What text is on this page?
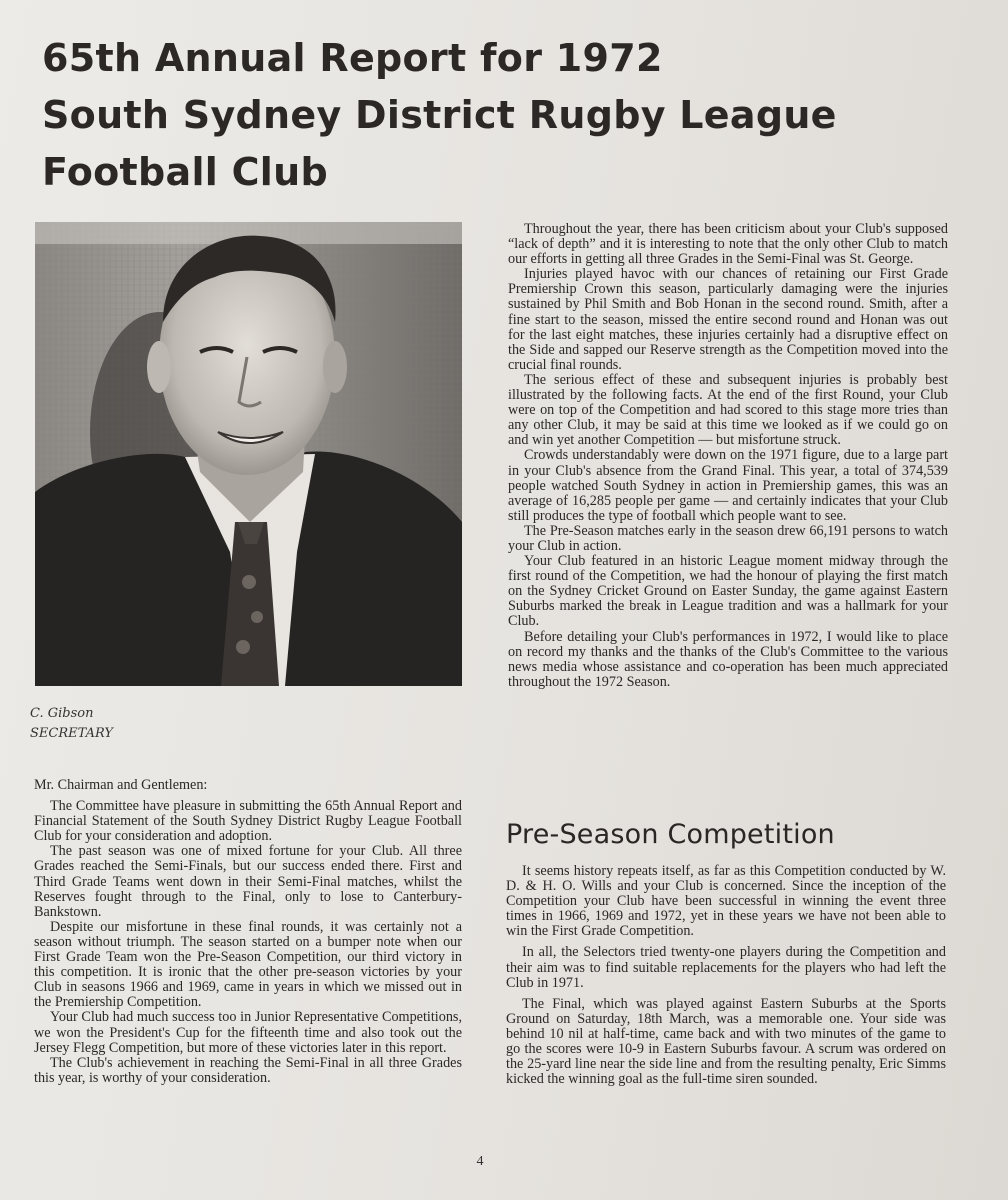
65th Annual Report for 1972
South Sydney District Rugby League
Football Club
C. Gibson
SECRETARY

Mr. Chairman and Gentlemen:

The Committee have pleasure in submitting the 65th Annual Report and Financial Statement of the South Sydney District Rugby League Football Club for your consideration and adoption.

The past season was one of mixed fortune for your Club. All three Grades reached the Semi-Finals, but our success ended there. First and Third Grade Teams went down in their Semi-Final matches, whilst the Reserves fought through to the Final, only to lose to Canterbury-Bankstown.

Despite our misfortune in these final rounds, it was certainly not a season without triumph. The season started on a bumper note when our First Grade Team won the Pre-Season Competition, our third victory in this competition. It is ironic that the other pre-season victories by your Club in seasons 1966 and 1969, came in years in which we missed out in the Premiership Competition.

Your Club had much success too in Junior Representative Competitions, we won the President's Cup for the fifteenth time and also took out the Jersey Flegg Competition, but more of these victories later in this report.

The Club's achievement in reaching the Semi-Final in all three Grades this year, is worthy of your consideration.

Throughout the year, there has been criticism about your Club's supposed “lack of depth” and it is interesting to note that the only other Club to match our efforts in getting all three Grades in the Semi-Final was St. George.

Injuries played havoc with our chances of retaining our First Grade Premiership Crown this season, particularly damaging were the injuries sustained by Phil Smith and Bob Honan in the second round. Smith, after a fine start to the season, missed the entire second round and Honan was out for the last eight matches, these injuries certainly had a disruptive effect on the Side and sapped our Reserve strength as the Competition moved into the crucial final rounds.

The serious effect of these and subsequent injuries is probably best illustrated by the following facts. At the end of the first Round, your Club were on top of the Competition and had scored to this stage more tries than any other Club, it may be said at this time we looked as if we could go on and win yet another Competition — but misfortune struck.

Crowds understandably were down on the 1971 figure, due to a large part in your Club's absence from the Grand Final. This year, a total of 374,539 people watched South Sydney in action in Premiership games, this was an average of 16,285 people per game — and certainly indicates that your Club still produces the type of football which people want to see.

The Pre-Season matches early in the season drew 66,191 persons to watch your Club in action.

Your Club featured in an historic League moment midway through the first round of the Competition, we had the honour of playing the first match on the Sydney Cricket Ground on Easter Sunday, the game against Eastern Suburbs marked the break in League tradition and was a hallmark for your Club.

Before detailing your Club's performances in 1972, I would like to place on record my thanks and the thanks of the Club's Committee to the various news media whose assistance and co-operation has been much appreciated throughout the 1972 Season.

Pre-Season Competition

It seems history repeats itself, as far as this Competition conducted by W. D. & H. O. Wills and your Club is concerned. Since the inception of the Competition your Club have been successful in winning the event three times in 1966, 1969 and 1972, yet in these years we have not been able to win the First Grade Competition.

In all, the Selectors tried twenty-one players during the Competition and their aim was to find suitable replacements for the players who had left the Club in 1971.

The Final, which was played against Eastern Suburbs at the Sports Ground on Saturday, 18th March, was a memorable one. Your side was behind 10 nil at half-time, came back and with two minutes of the game to go the scores were 10-9 in Eastern Suburbs favour. A scrum was ordered on the 25-yard line near the side line and from the resulting penalty, Eric Simms kicked the winning goal as the full-time siren sounded.

4
